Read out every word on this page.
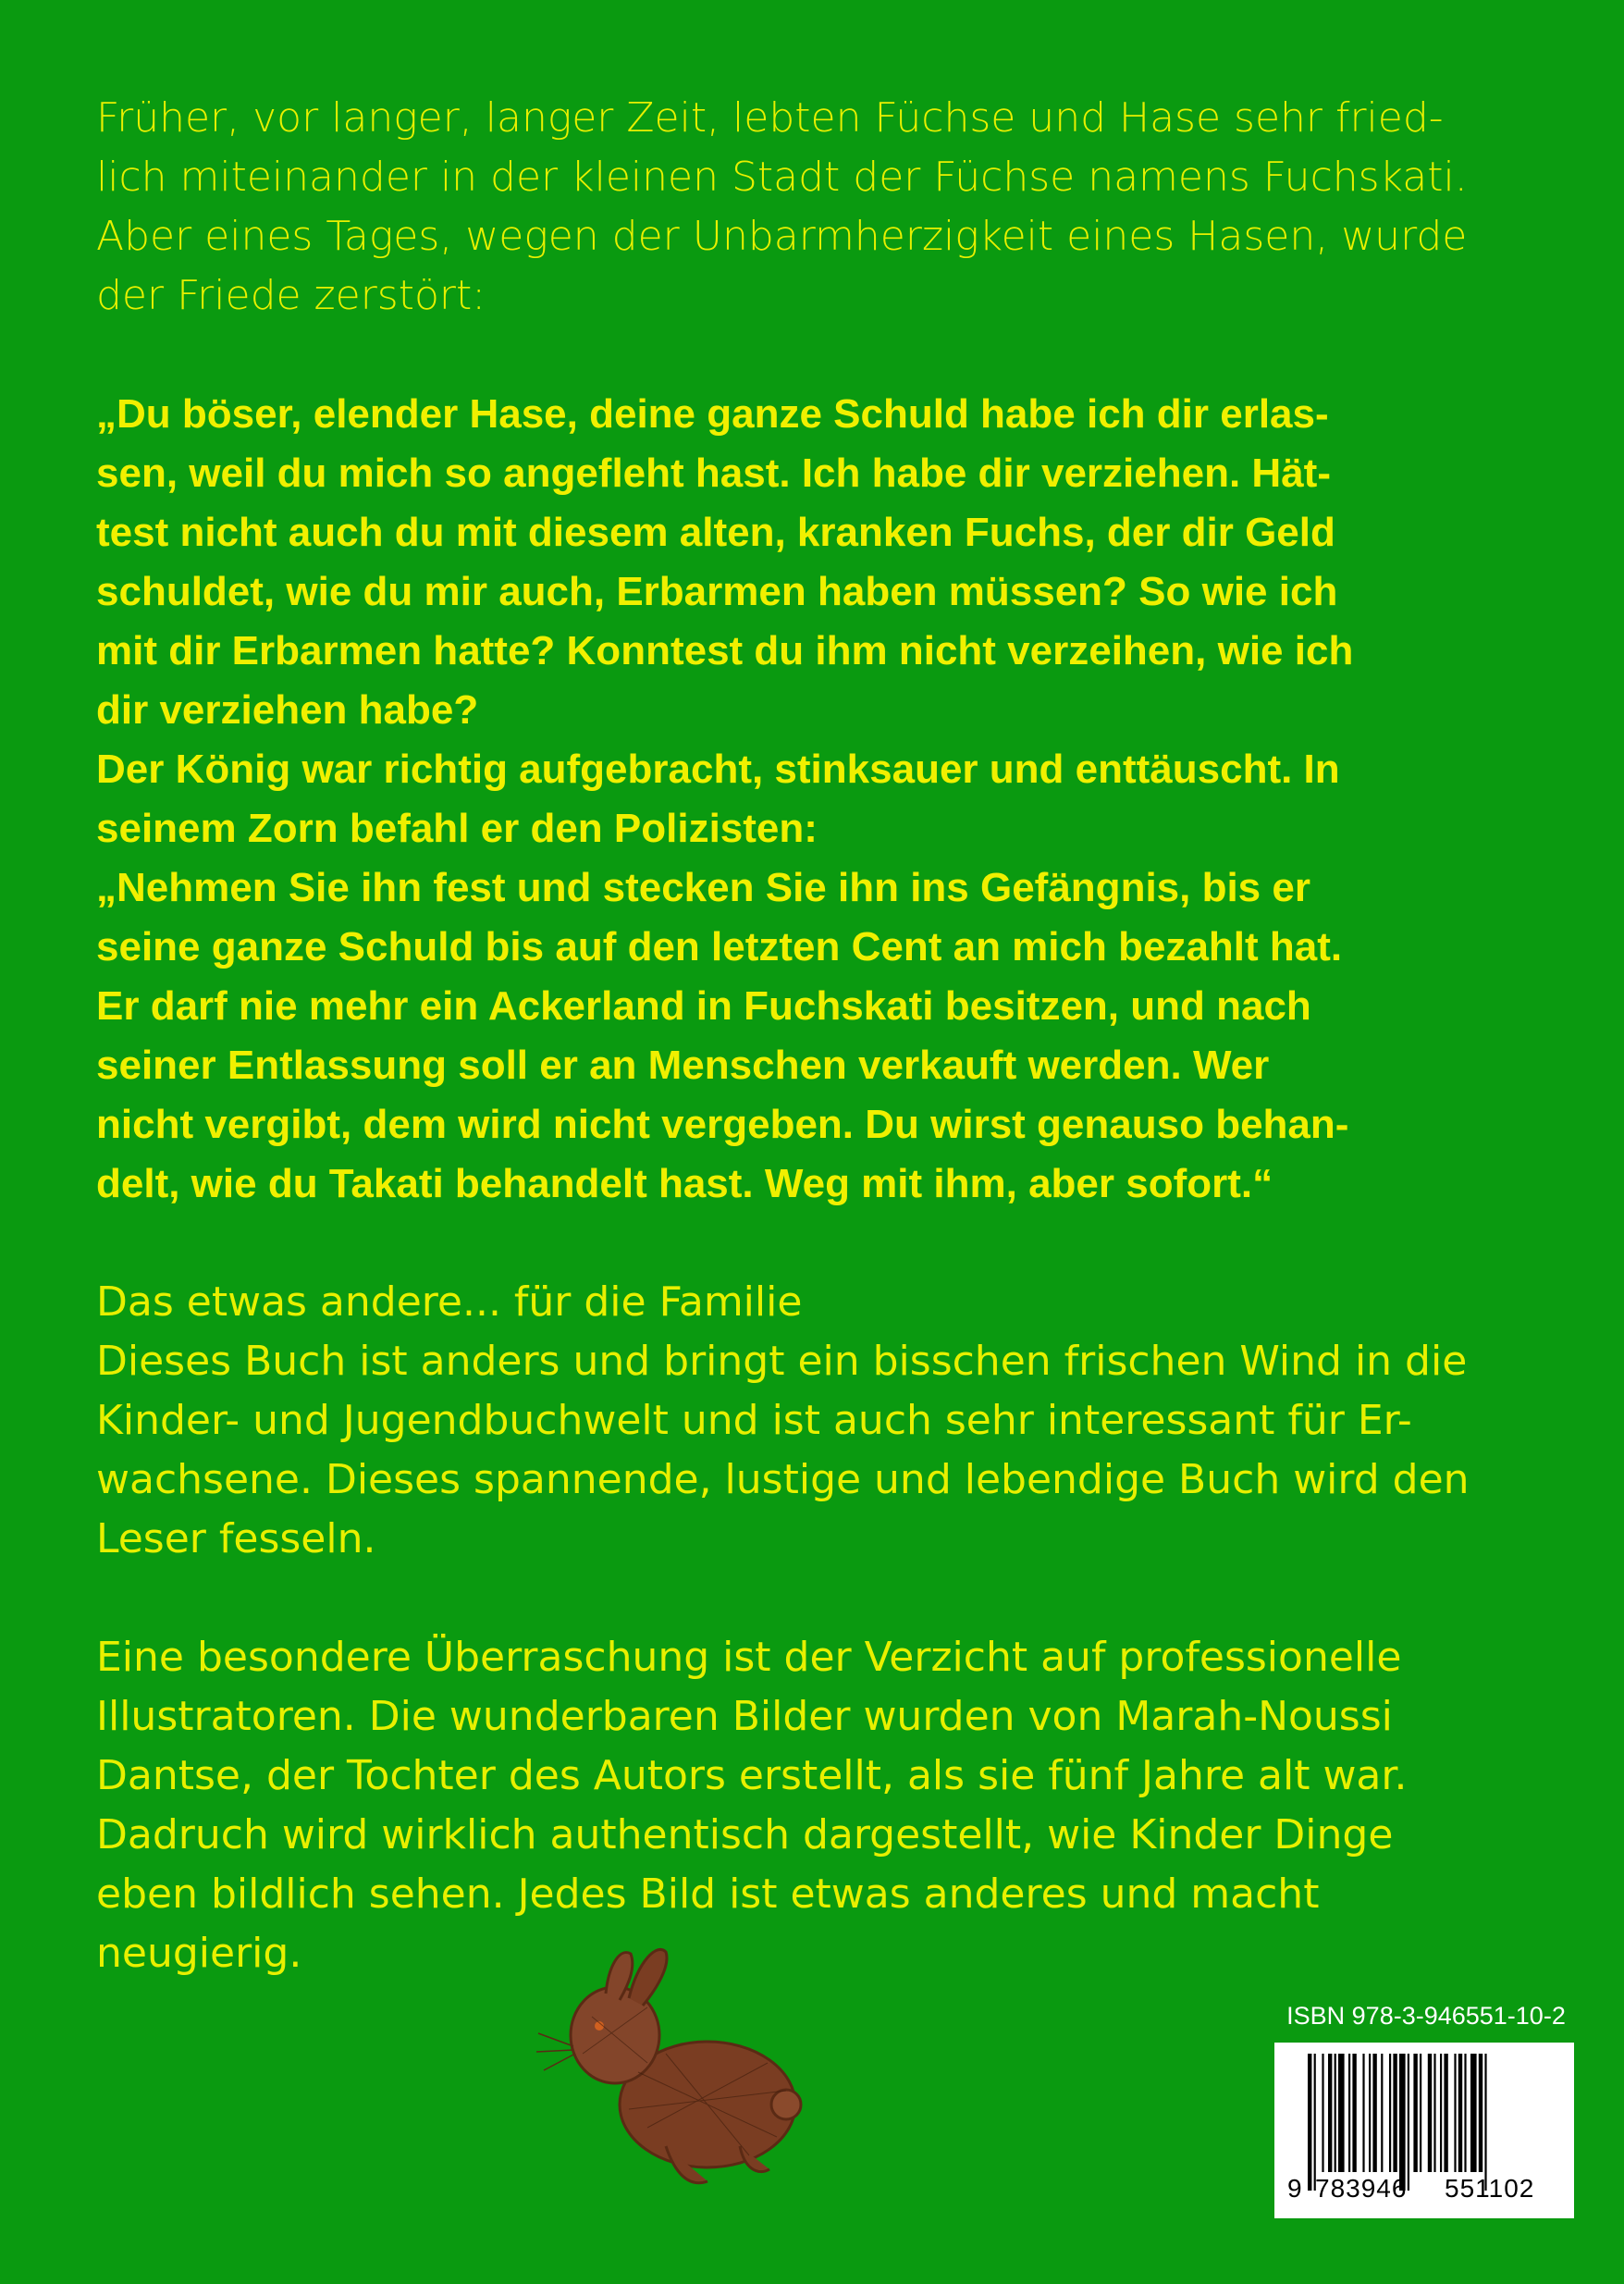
Früher, vor langer, langer Zeit, lebten Füchse und Hase sehr fried-
lich miteinander in der kleinen Stadt der Füchse namens Fuchskati.
Aber eines Tages, wegen der Unbarmherzigkeit eines Hasen, wurde
der Friede zerstört:
„Du böser, elender Hase, deine ganze Schuld habe ich dir erlas-
sen, weil du mich so angefleht hast. Ich habe dir verziehen. Hät-
test nicht auch du mit diesem alten, kranken Fuchs, der dir Geld
schuldet, wie du mir auch, Erbarmen haben müssen? So wie ich
mit dir Erbarmen hatte? Konntest du ihm nicht verzeihen, wie ich
dir verziehen habe?
Der König war richtig aufgebracht, stinksauer und enttäuscht. In
seinem Zorn befahl er den Polizisten:
„Nehmen Sie ihn fest und stecken Sie ihn ins Gefängnis, bis er
seine ganze Schuld bis auf den letzten Cent an mich bezahlt hat.
Er darf nie mehr ein Ackerland in Fuchskati besitzen, und nach
seiner Entlassung soll er an Menschen verkauft werden. Wer
nicht vergibt, dem wird nicht vergeben. Du wirst genauso behan-
delt, wie du Takati behandelt hast. Weg mit ihm, aber sofort.“
Das etwas andere... für die Familie
Dieses Buch ist anders und bringt ein bisschen frischen Wind in die
Kinder- und Jugendbuchwelt und ist auch sehr interessant für Er-
wachsene. Dieses spannende, lustige und lebendige Buch wird den
Leser fesseln.
Eine besondere Überraschung ist der Verzicht auf professionelle
Illustratoren. Die wunderbaren Bilder wurden von Marah-Noussi
Dantse, der Tochter des Autors erstellt, als sie fünf Jahre alt war.
Dadruch wird wirklich authentisch dargestellt, wie Kinder Dinge
eben bildlich sehen. Jedes Bild ist etwas anderes und macht
neugierig.
ISBN 978-3-946551-10-2
9 783946 551102
